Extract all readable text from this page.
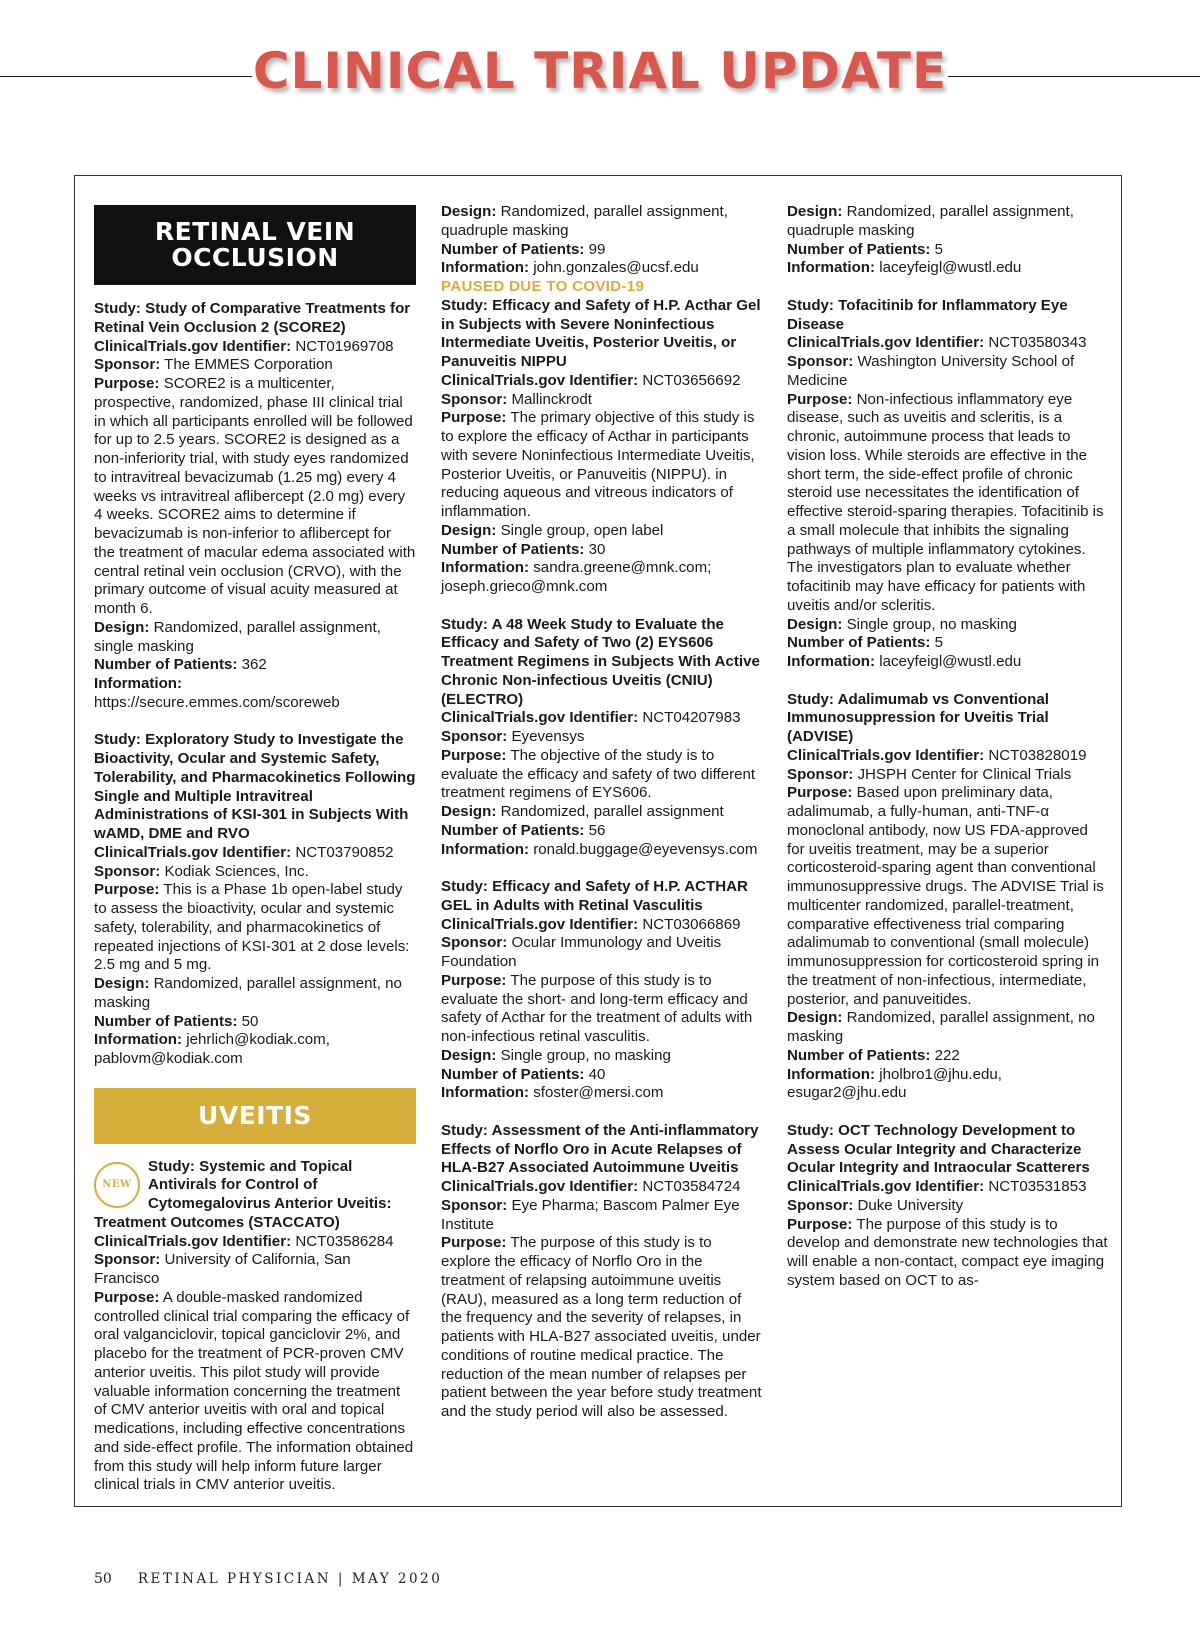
CLINICAL TRIAL UPDATE
RETINAL VEIN OCCLUSION

Study: Study of Comparative Treatments for Retinal Vein Occlusion 2 (SCORE2)

ClinicalTrials.gov Identifier: NCT01969708

Sponsor: The EMMES Corporation

Purpose: SCORE2 is a multicenter, prospective, randomized, phase III clinical trial in which all participants enrolled will be followed for up to 2.5 years. SCORE2 is designed as a non-inferiority trial, with study eyes randomized to intravitreal bevacizumab (1.25 mg) every 4 weeks vs intravitreal aflibercept (2.0 mg) every 4 weeks. SCORE2 aims to determine if bevacizumab is non-inferior to aflibercept for the treatment of macular edema associated with central retinal vein occlusion (CRVO), with the primary outcome of visual acuity measured at month 6.

Design: Randomized, parallel assignment, single masking

Number of Patients: 362

Information: https://secure.emmes.com/scoreweb

Study: Exploratory Study to Investigate the Bioactivity, Ocular and Systemic Safety, Tolerability, and Pharmacokinetics Following Single and Multiple Intravitreal Administrations of KSI-301 in Subjects With wAMD, DME and RVO

ClinicalTrials.gov Identifier: NCT03790852

Sponsor: Kodiak Sciences, Inc.

Purpose: This is a Phase 1b open-label study to assess the bioactivity, ocular and systemic safety, tolerability, and pharmacokinetics of repeated injections of KSI-301 at 2 dose levels: 2.5 mg and 5 mg.

Design: Randomized, parallel assignment, no masking

Number of Patients: 50

Information: jehrlich@kodiak.com, pablovm@kodiak.com

UVEITIS
NEW

Study: Systemic and Topical Antivirals for Control of Cytomegalovirus Anterior Uveitis: Treatment Outcomes (STACCATO)

ClinicalTrials.gov Identifier: NCT03586284

Sponsor: University of California, San Francisco

Purpose: A double-masked randomized controlled clinical trial comparing the efficacy of oral valganciclovir, topical ganciclovir 2%, and placebo for the treatment of PCR-proven CMV anterior uveitis. This pilot study will provide valuable information concerning the treatment of CMV anterior uveitis with oral and topical medications, including effective concentrations and side-effect profile. The information obtained from this study will help inform future larger clinical trials in CMV anterior uveitis.

Design: Randomized, parallel assignment, quadruple masking

Number of Patients: 99

Information: john.gonzales@ucsf.edu

PAUSED DUE TO COVID-19

Study: Efficacy and Safety of H.P. Acthar Gel in Subjects with Severe Noninfectious Intermediate Uveitis, Posterior Uveitis, or Panuveitis NIPPU

ClinicalTrials.gov Identifier: NCT03656692

Sponsor: Mallinckrodt

Purpose: The primary objective of this study is to explore the efficacy of Acthar in participants with severe Noninfectious Intermediate Uveitis, Posterior Uveitis, or Panuveitis (NIPPU). in reducing aqueous and vitreous indicators of inflammation.

Design: Single group, open label

Number of Patients: 30

Information: sandra.greene@mnk.com; joseph.grieco@mnk.com

Study: A 48 Week Study to Evaluate the Efficacy and Safety of Two (2) EYS606 Treatment Regimens in Subjects With Active Chronic Non-infectious Uveitis (CNIU) (ELECTRO)

ClinicalTrials.gov Identifier: NCT04207983

Sponsor: Eyevensys

Purpose: The objective of the study is to evaluate the efficacy and safety of two different treatment regimens of EYS606.

Design: Randomized, parallel assignment

Number of Patients: 56

Information: ronald.buggage@eyevensys.com

Study: Efficacy and Safety of H.P. ACTHAR GEL in Adults with Retinal Vasculitis

ClinicalTrials.gov Identifier: NCT03066869

Sponsor: Ocular Immunology and Uveitis Foundation

Purpose: The purpose of this study is to evaluate the short- and long-term efficacy and safety of Acthar for the treatment of adults with non-infectious retinal vasculitis.

Design: Single group, no masking

Number of Patients: 40

Information: sfoster@mersi.com

Study: Assessment of the Anti-inflammatory Effects of Norflo Oro in Acute Relapses of HLA-B27 Associated Autoimmune Uveitis

ClinicalTrials.gov Identifier: NCT03584724

Sponsor: Eye Pharma; Bascom Palmer Eye Institute

Purpose: The purpose of this study is to explore the efficacy of Norflo Oro in the treatment of relapsing autoimmune uveitis (RAU), measured as a long term reduction of the frequency and the severity of relapses, in patients with HLA-B27 associated uveitis, under conditions of routine medical practice. The reduction of the mean number of relapses per patient between the year before study treatment and the study period will also be assessed.

Design: Randomized, parallel assignment, quadruple masking

Number of Patients: 5

Information: laceyfeigl@wustl.edu

Study: Tofacitinib for Inflammatory Eye Disease

ClinicalTrials.gov Identifier: NCT03580343

Sponsor: Washington University School of Medicine

Purpose: Non-infectious inflammatory eye disease, such as uveitis and scleritis, is a chronic, autoimmune process that leads to vision loss. While steroids are effective in the short term, the side-effect profile of chronic steroid use necessitates the identification of effective steroid-sparing therapies. Tofacitinib is a small molecule that inhibits the signaling pathways of multiple inflammatory cytokines. The investigators plan to evaluate whether tofacitinib may have efficacy for patients with uveitis and/or scleritis.

Design: Single group, no masking

Number of Patients: 5

Information: laceyfeigl@wustl.edu

Study: Adalimumab vs Conventional Immunosuppression for Uveitis Trial (ADVISE)

ClinicalTrials.gov Identifier: NCT03828019

Sponsor: JHSPH Center for Clinical Trials

Purpose: Based upon preliminary data, adalimumab, a fully-human, anti-TNF-α monoclonal antibody, now US FDA-approved for uveitis treatment, may be a superior corticosteroid-sparing agent than conventional immunosuppressive drugs. The ADVISE Trial is multicenter randomized, parallel-treatment, comparative effectiveness trial comparing adalimumab to conventional (small molecule) immunosuppression for corticosteroid spring in the treatment of non-infectious, intermediate, posterior, and panuveitides.

Design: Randomized, parallel assignment, no masking

Number of Patients: 222

Information: jholbro1@jhu.edu, esugar2@jhu.edu

Study: OCT Technology Development to Assess Ocular Integrity and Characterize Ocular Integrity and Intraocular Scatterers

ClinicalTrials.gov Identifier: NCT03531853

Sponsor: Duke University

Purpose: The purpose of this study is to develop and demonstrate new technologies that will enable a non-contact, compact eye imaging system based on OCT to as-

50 RETINAL PHYSICIAN | MAY 2020
